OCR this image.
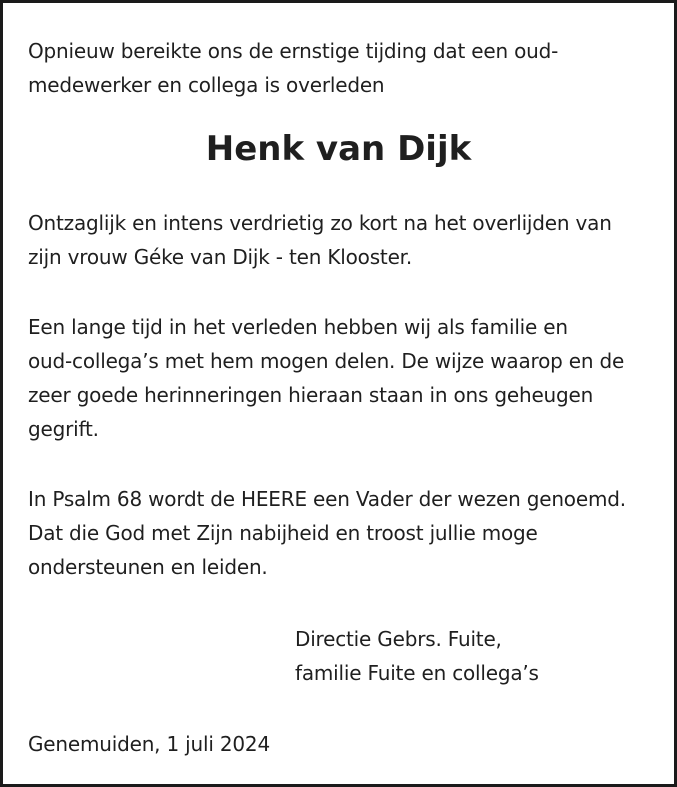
Opnieuw bereikte ons de ernstige tijding dat een oud-
medewerker en collega is overleden

Henk van Dijk

Ontzaglijk en intens verdrietig zo kort na het overlijden van
zijn vrouw Géke van Dijk - ten Klooster.

Een lange tijd in het verleden hebben wij als familie en
oud-collega’s met hem mogen delen. De wijze waarop en de
zeer goede herinneringen hieraan staan in ons geheugen
gegrift.

In Psalm 68 wordt de HEERE een Vader der wezen genoemd.
Dat die God met Zijn nabijheid en troost jullie moge
ondersteunen en leiden.

Directie Gebrs. Fuite,
familie Fuite en collega’s

Genemuiden, 1 juli 2024
